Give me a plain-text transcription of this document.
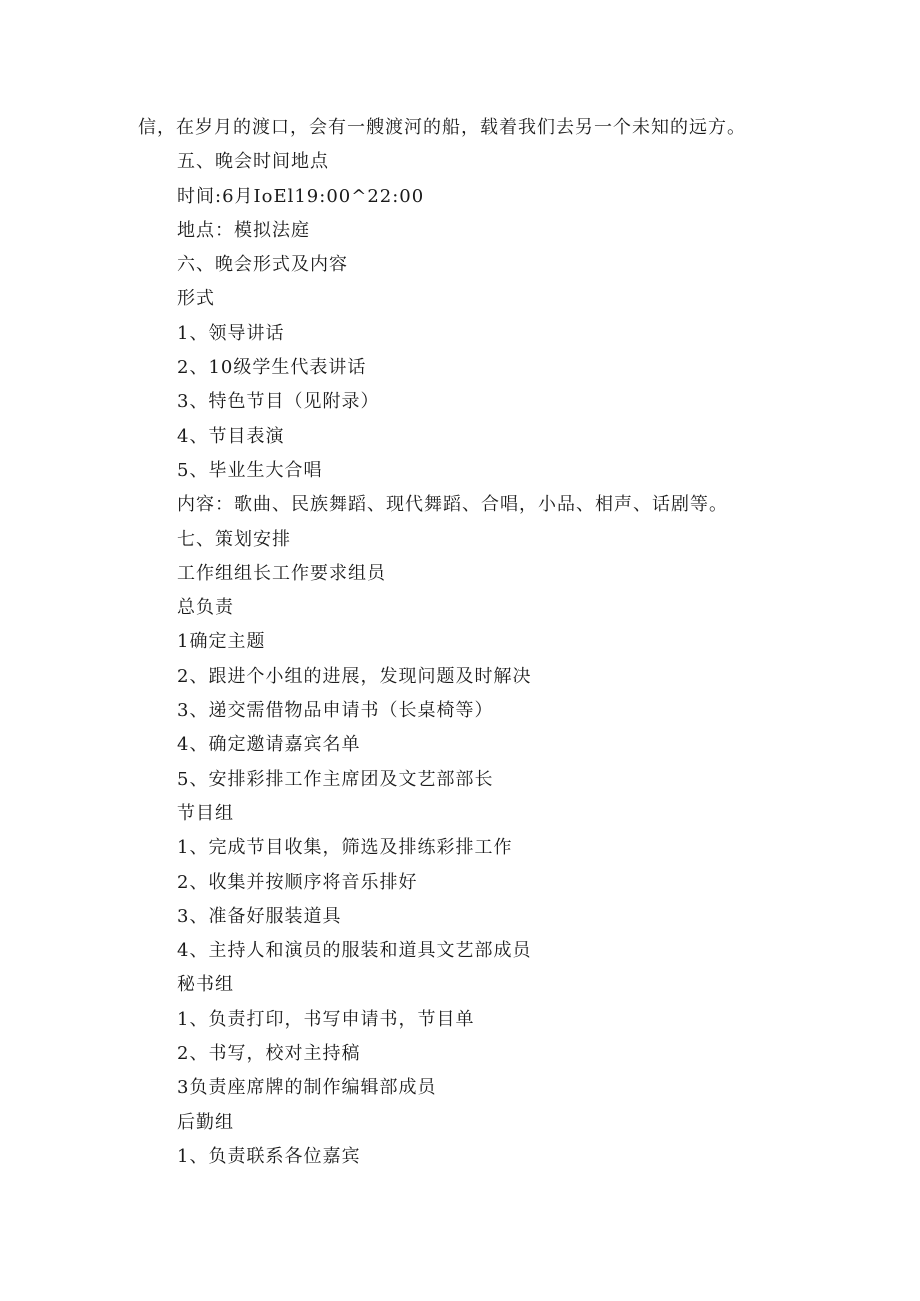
信，在岁月的渡口，会有一艘渡河的船，载着我们去另一个未知的远方。
五、晚会时间地点
时间:6月IoEl19:00^22:00
地点：模拟法庭
六、晚会形式及内容
形式
1、领导讲话
2、10级学生代表讲话
3、特色节目（见附录）
4、节目表演
5、毕业生大合唱
内容：歌曲、民族舞蹈、现代舞蹈、合唱，小品、相声、话剧等。
七、策划安排
工作组组长工作要求组员
总负责
1确定主题
2、跟进个小组的进展，发现问题及时解决
3、递交需借物品申请书（长桌椅等）
4、确定邀请嘉宾名单
5、安排彩排工作主席团及文艺部部长
节目组
1、完成节目收集，筛选及排练彩排工作
2、收集并按顺序将音乐排好
3、准备好服装道具
4、主持人和演员的服装和道具文艺部成员
秘书组
1、负责打印，书写申请书，节目单
2、书写，校对主持稿
3负责座席牌的制作编辑部成员
后勤组
1、负责联系各位嘉宾
